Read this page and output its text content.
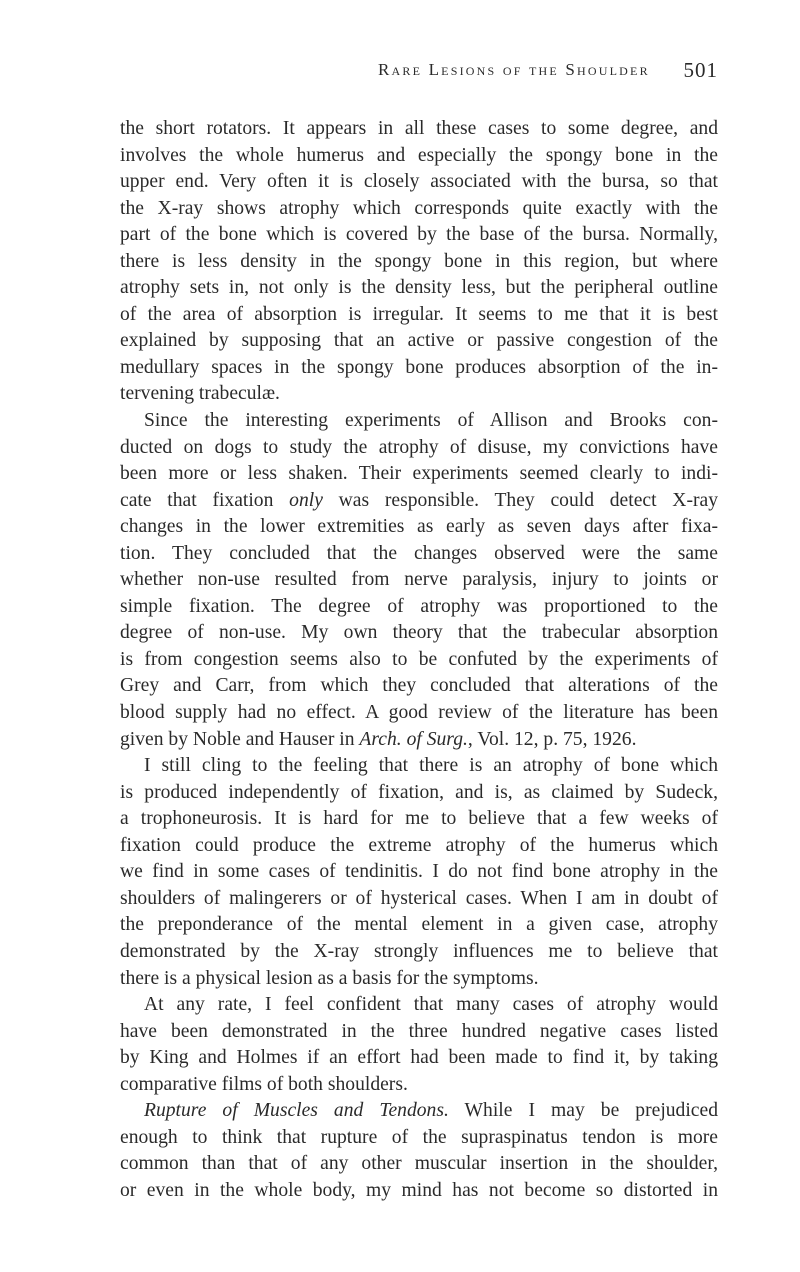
Rare Lesions of the Shoulder 501

the short rotators. It appears in all these cases to some degree, and

involves the whole humerus and especially the spongy bone in the

upper end. Very often it is closely associated with the bursa, so that

the X-ray shows atrophy which corresponds quite exactly with the

part of the bone which is covered by the base of the bursa. Normally,

there is less density in the spongy bone in this region, but where

atrophy sets in, not only is the density less, but the peripheral outline

of the area of absorption is irregular. It seems to me that it is best

explained by supposing that an active or passive congestion of the

medullary spaces in the spongy bone produces absorption of the in-

tervening trabeculæ.

Since the interesting experiments of Allison and Brooks con-

ducted on dogs to study the atrophy of disuse, my convictions have

been more or less shaken. Their experiments seemed clearly to indi-

cate that fixation only was responsible. They could detect X-ray

changes in the lower extremities as early as seven days after fixa-

tion. They concluded that the changes observed were the same

whether non-use resulted from nerve paralysis, injury to joints or

simple fixation. The degree of atrophy was proportioned to the

degree of non-use. My own theory that the trabecular absorption

is from congestion seems also to be confuted by the experiments of

Grey and Carr, from which they concluded that alterations of the

blood supply had no effect. A good review of the literature has been

given by Noble and Hauser in Arch. of Surg., Vol. 12, p. 75, 1926.

I still cling to the feeling that there is an atrophy of bone which

is produced independently of fixation, and is, as claimed by Sudeck,

a trophoneurosis. It is hard for me to believe that a few weeks of

fixation could produce the extreme atrophy of the humerus which

we find in some cases of tendinitis. I do not find bone atrophy in the

shoulders of malingerers or of hysterical cases. When I am in doubt of

the preponderance of the mental element in a given case, atrophy

demonstrated by the X-ray strongly influences me to believe that

there is a physical lesion as a basis for the symptoms.

At any rate, I feel confident that many cases of atrophy would

have been demonstrated in the three hundred negative cases listed

by King and Holmes if an effort had been made to find it, by taking

comparative films of both shoulders.

Rupture of Muscles and Tendons. While I may be prejudiced

enough to think that rupture of the supraspinatus tendon is more

common than that of any other muscular insertion in the shoulder,

or even in the whole body, my mind has not become so distorted in
